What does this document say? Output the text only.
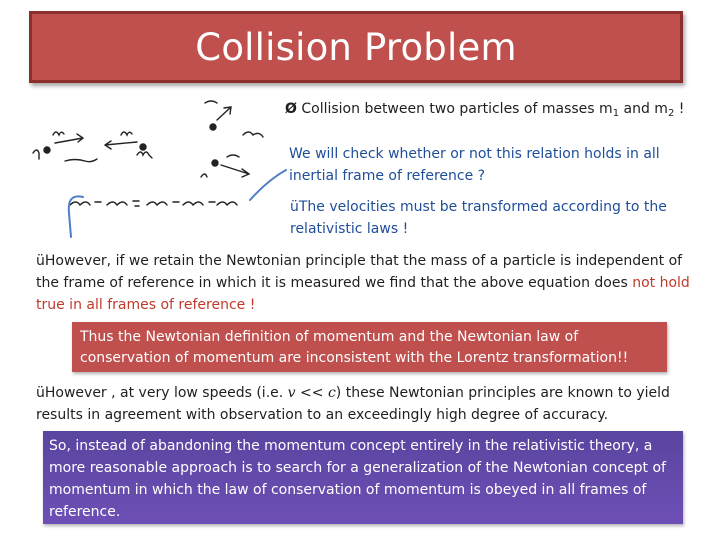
Collision Problem
Ø Collision between two particles of masses $m_1$ and $m_2$ !
We will check whether or not this relation holds in all inertial frame of reference ?
üThe velocities must be transformed according to the relativistic laws !
üHowever, if we retain the Newtonian principle that the mass of a particle is independent of the frame of reference in which it is measured we find that the above equation does not hold true in all frames of reference !
Thus the Newtonian definition of momentum and the Newtonian law of conservation of momentum are inconsistent with the Lorentz transformation!!
üHowever , at very low speeds (i.e. v << c) these Newtonian principles are known to yield results in agreement with observation to an exceedingly high degree of accuracy.
So, instead of abandoning the momentum concept entirely in the relativistic theory, a more reasonable approach is to search for a generalization of the Newtonian concept of momentum in which the law of conservation of momentum is obeyed in all frames of reference.
